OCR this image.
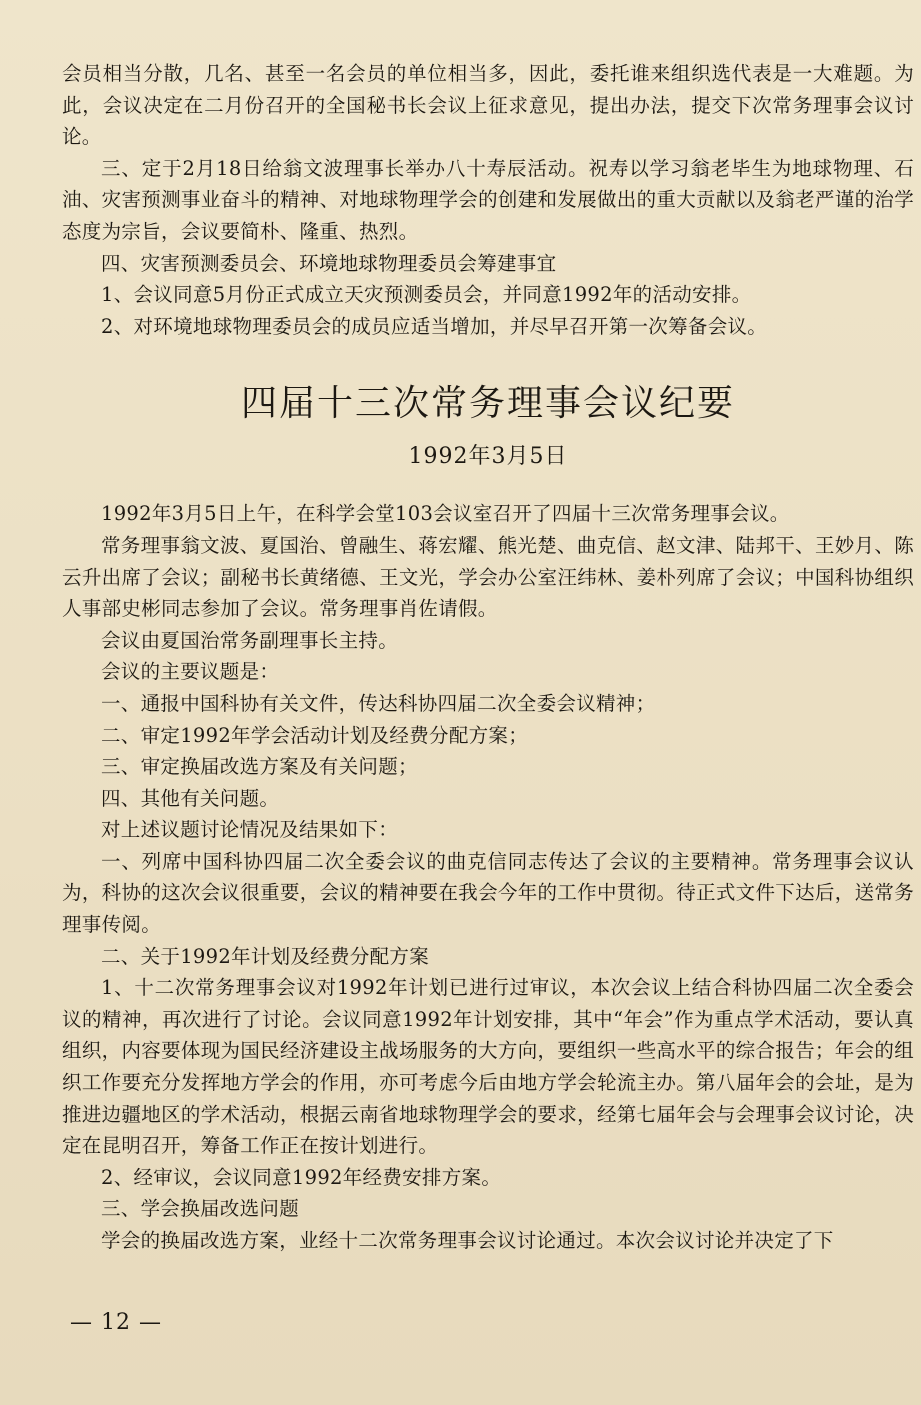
会员相当分散，几名、甚至一名会员的单位相当多，因此，委托谁来组织选代表是一大难题。为此，会议决定在二月份召开的全国秘书长会议上征求意见，提出办法，提交下次常务理事会议讨论。

三、定于2月18日给翁文波理事长举办八十寿辰活动。祝寿以学习翁老毕生为地球物理、石油、灾害预测事业奋斗的精神、对地球物理学会的创建和发展做出的重大贡献以及翁老严谨的治学态度为宗旨，会议要简朴、隆重、热烈。

四、灾害预测委员会、环境地球物理委员会筹建事宜

1、会议同意5月份正式成立天灾预测委员会，并同意1992年的活动安排。

2、对环境地球物理委员会的成员应适当增加，并尽早召开第一次筹备会议。

四届十三次常务理事会议纪要
1992年3月5日

1992年3月5日上午，在科学会堂103会议室召开了四届十三次常务理事会议。

常务理事翁文波、夏国治、曾融生、蒋宏耀、熊光楚、曲克信、赵文津、陆邦干、王妙月、陈云升出席了会议；副秘书长黄绪德、王文光，学会办公室汪纬林、姜朴列席了会议；中国科协组织人事部史彬同志参加了会议。常务理事肖佐请假。

会议由夏国治常务副理事长主持。

会议的主要议题是：

一、通报中国科协有关文件，传达科协四届二次全委会议精神；

二、审定1992年学会活动计划及经费分配方案；

三、审定换届改选方案及有关问题；

四、其他有关问题。

对上述议题讨论情况及结果如下：

一、列席中国科协四届二次全委会议的曲克信同志传达了会议的主要精神。常务理事会议认为，科协的这次会议很重要，会议的精神要在我会今年的工作中贯彻。待正式文件下达后，送常务理事传阅。

二、关于1992年计划及经费分配方案

1、十二次常务理事会议对1992年计划已进行过审议，本次会议上结合科协四届二次全委会议的精神，再次进行了讨论。会议同意1992年计划安排，其中“年会”作为重点学术活动，要认真组织，内容要体现为国民经济建设主战场服务的大方向，要组织一些高水平的综合报告；年会的组织工作要充分发挥地方学会的作用，亦可考虑今后由地方学会轮流主办。第八届年会的会址，是为推进边疆地区的学术活动，根据云南省地球物理学会的要求，经第七届年会与会理事会议讨论，决定在昆明召开，筹备工作正在按计划进行。

2、经审议，会议同意1992年经费安排方案。

三、学会换届改选问题

学会的换届改选方案，业经十二次常务理事会议讨论通过。本次会议讨论并决定了下

— 12 —
